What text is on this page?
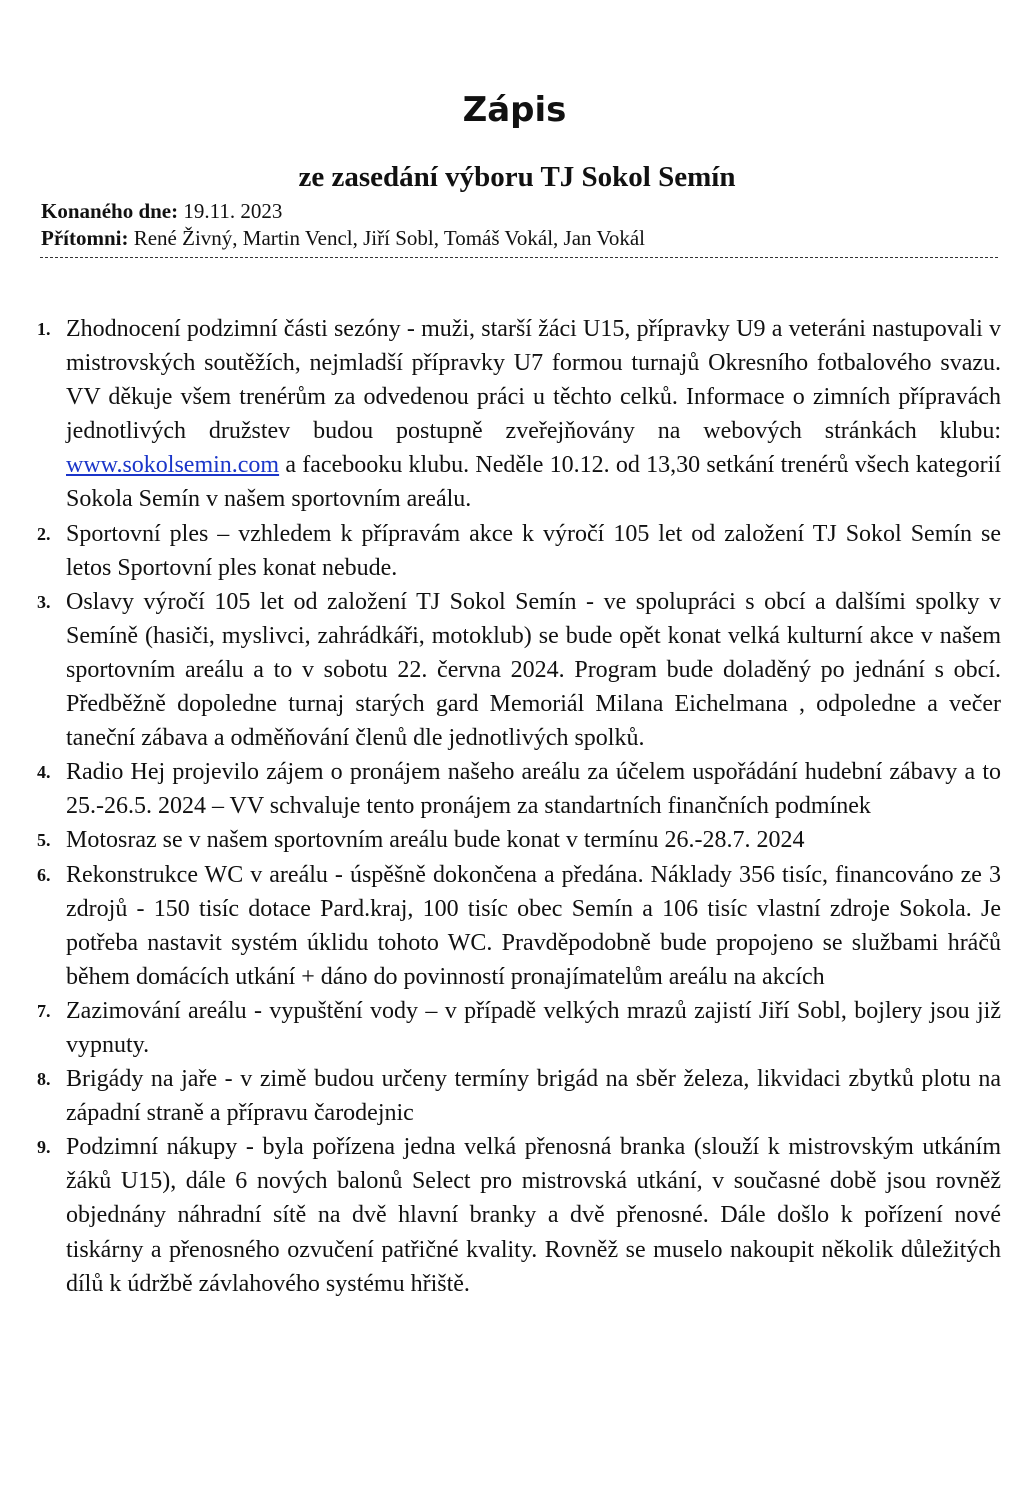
Zápis
ze zasedání výboru TJ Sokol Semín
Konaného dne: 19.11. 2023
Přítomni: René Živný, Martin Vencl, Jiří Sobl, Tomáš Vokál, Jan Vokál
1. Zhodnocení podzimní části sezóny - muži, starší žáci U15, přípravky U9 a veteráni nastupovali v mistrovských soutěžích, nejmladší přípravky U7 formou turnajů Okresního fotbalového svazu. VV děkuje všem trenérům za odvedenou práci u těchto celků. Informace o zimních přípravách jednotlivých družstev budou postupně zveřejňovány na webových stránkách klubu: www.sokolsemin.com a facebooku klubu. Neděle 10.12. od 13,30 setkání trenérů všech kategorií Sokola Semín v našem sportovním areálu.
2. Sportovní ples – vzhledem k přípravám akce k výročí 105 let od založení TJ Sokol Semín se letos Sportovní ples konat nebude.
3. Oslavy výročí 105 let od založení TJ Sokol Semín - ve spolupráci s obcí a dalšími spolky v Semíně (hasiči, myslivci, zahrádkáři, motoklub) se bude opět konat velká kulturní akce v našem sportovním areálu a to v sobotu 22. června 2024. Program bude doladěný po jednání s obcí. Předběžně dopoledne turnaj starých gard Memoriál Milana Eichelmana , odpoledne a večer taneční zábava a odměňování členů dle jednotlivých spolků.
4. Radio Hej projevilo zájem o pronájem našeho areálu za účelem uspořádání hudební zábavy a to 25.-26.5. 2024 – VV schvaluje tento pronájem za standartních finančních podmínek
5. Motosraz se v našem sportovním areálu bude konat v termínu 26.-28.7. 2024
6. Rekonstrukce WC v areálu - úspěšně dokončena a předána. Náklady 356 tisíc, financováno ze 3 zdrojů - 150 tisíc dotace Pard.kraj, 100 tisíc obec Semín a 106 tisíc vlastní zdroje Sokola. Je potřeba nastavit systém úklidu tohoto WC. Pravděpodobně bude propojeno se službami hráčů během domácích utkání + dáno do povinností pronajímatelům areálu na akcích
7. Zazimování areálu - vypuštění vody – v případě velkých mrazů zajistí Jiří Sobl, bojlery jsou již vypnuty.
8. Brigády na jaře - v zimě budou určeny termíny brigád na sběr železa, likvidaci zbytků plotu na západní straně a přípravu čarodejnic
9. Podzimní nákupy - byla pořízena jedna velká přenosná branka (slouží k mistrovským utkáním žáků U15), dále 6 nových balonů Select pro mistrovská utkání, v současné době jsou rovněž objednány náhradní sítě na dvě hlavní branky a dvě přenosné. Dále došlo k pořízení nové tiskárny a přenosného ozvučení patřičné kvality. Rovněž se muselo nakoupit několik důležitých dílů k údržbě závlahového systému hřiště.
